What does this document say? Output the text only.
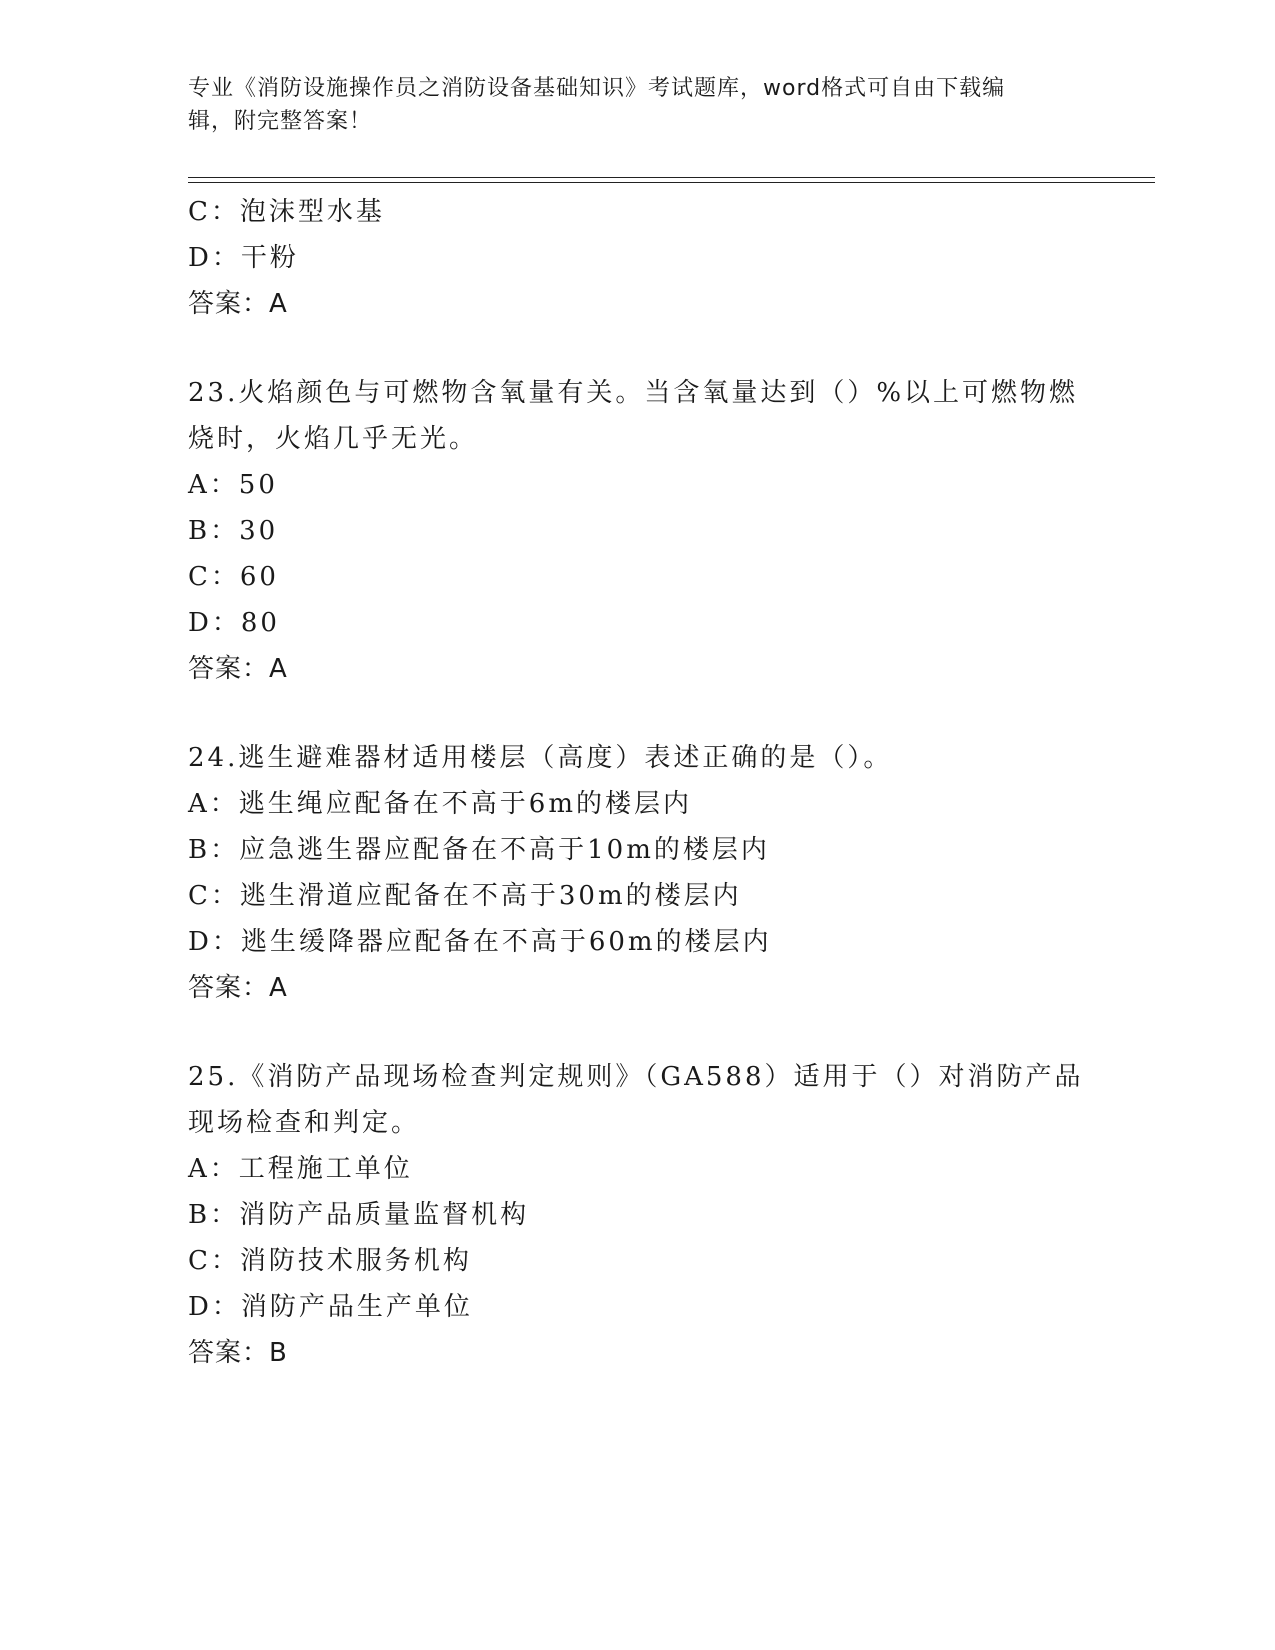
专业《消防设施操作员之消防设备基础知识》考试题库，word格式可自由下载编
辑，附完整答案！
C：泡沫型水基
D：干粉
答案：A
23.火焰颜色与可燃物含氧量有关。当含氧量达到（）%以上可燃物燃
烧时，火焰几乎无光。
A：50
B：30
C：60
D：80
答案：A
24.逃生避难器材适用楼层（高度）表述正确的是（）。
A：逃生绳应配备在不高于6m的楼层内
B：应急逃生器应配备在不高于10m的楼层内
C：逃生滑道应配备在不高于30m的楼层内
D：逃生缓降器应配备在不高于60m的楼层内
答案：A
25.《消防产品现场检查判定规则》（GA588）适用于（）对消防产品
现场检查和判定。
A：工程施工单位
B：消防产品质量监督机构
C：消防技术服务机构
D：消防产品生产单位
答案：B
